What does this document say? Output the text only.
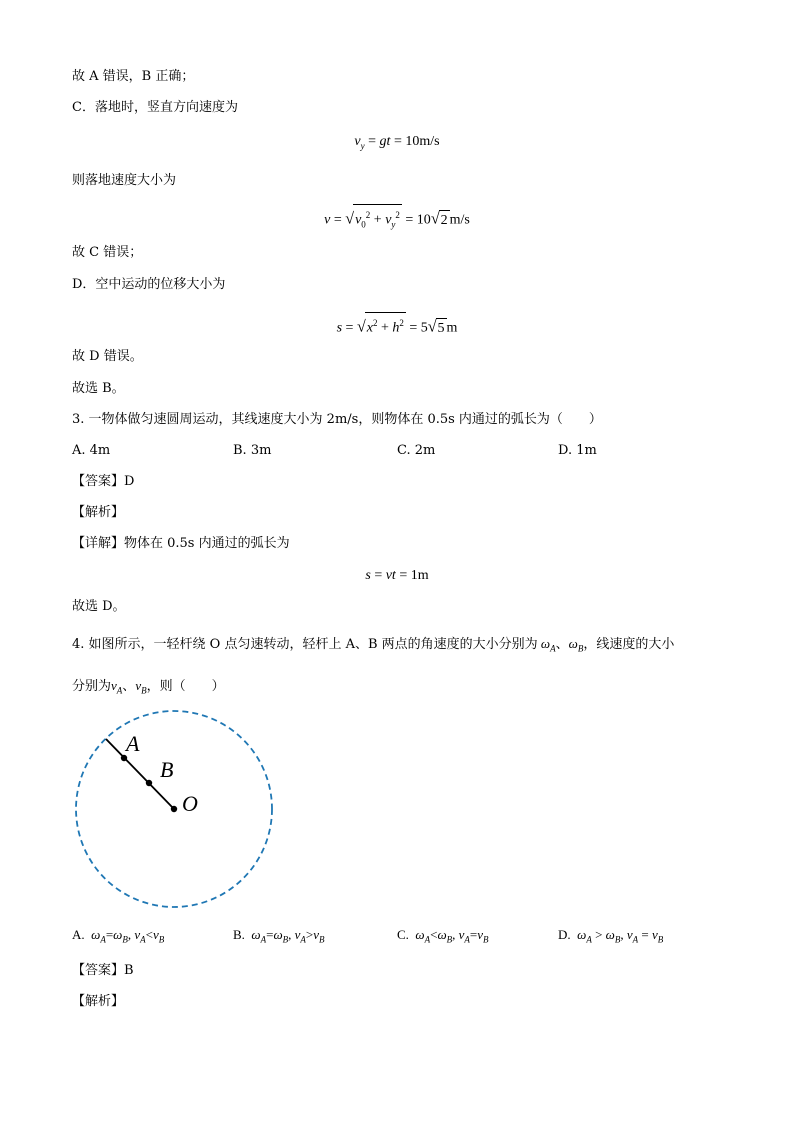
故 A 错误，B 正确；
C．落地时，竖直方向速度为
$v_y$ = gt = 10m/s
则落地速度大小为
$v = √v_0^2 + v_y^2 = 10√2$ m/s
故 C 错误；
D．空中运动的位移大小为
$s = √x^2 + h^2 = 5√5$ m
故 D 错误。
故选 B。
3. 一物体做匀速圆周运动，其线速度大小为 2m/s，则物体在 0.5s 内通过的弧长为（　　）
A. 4m	B. 3m	C. 2m	D. 1m
【答案】D
【解析】
【详解】物体在 0.5s 内通过的弧长为
s = vt = 1m
故选 D。
4. 如图所示，一轻杆绕 O 点匀速转动，轻杆上 A、B 两点的角速度的大小分别为 $\omega_A$、$\omega_B$，线速度的大小
分别为$v_A$、$v_B$，则（　　）
A
B
O
A.  $\omega_A=\omega_B$, $v_A<v_B$	B.  $\omega_A=\omega_B$, $v_A>v_B$	C.  $\omega_A<\omega_B$, $v_A=v_B$	D.  $\omega_A > \omega_B$, $v_A = v_B$
【答案】B
【解析】
